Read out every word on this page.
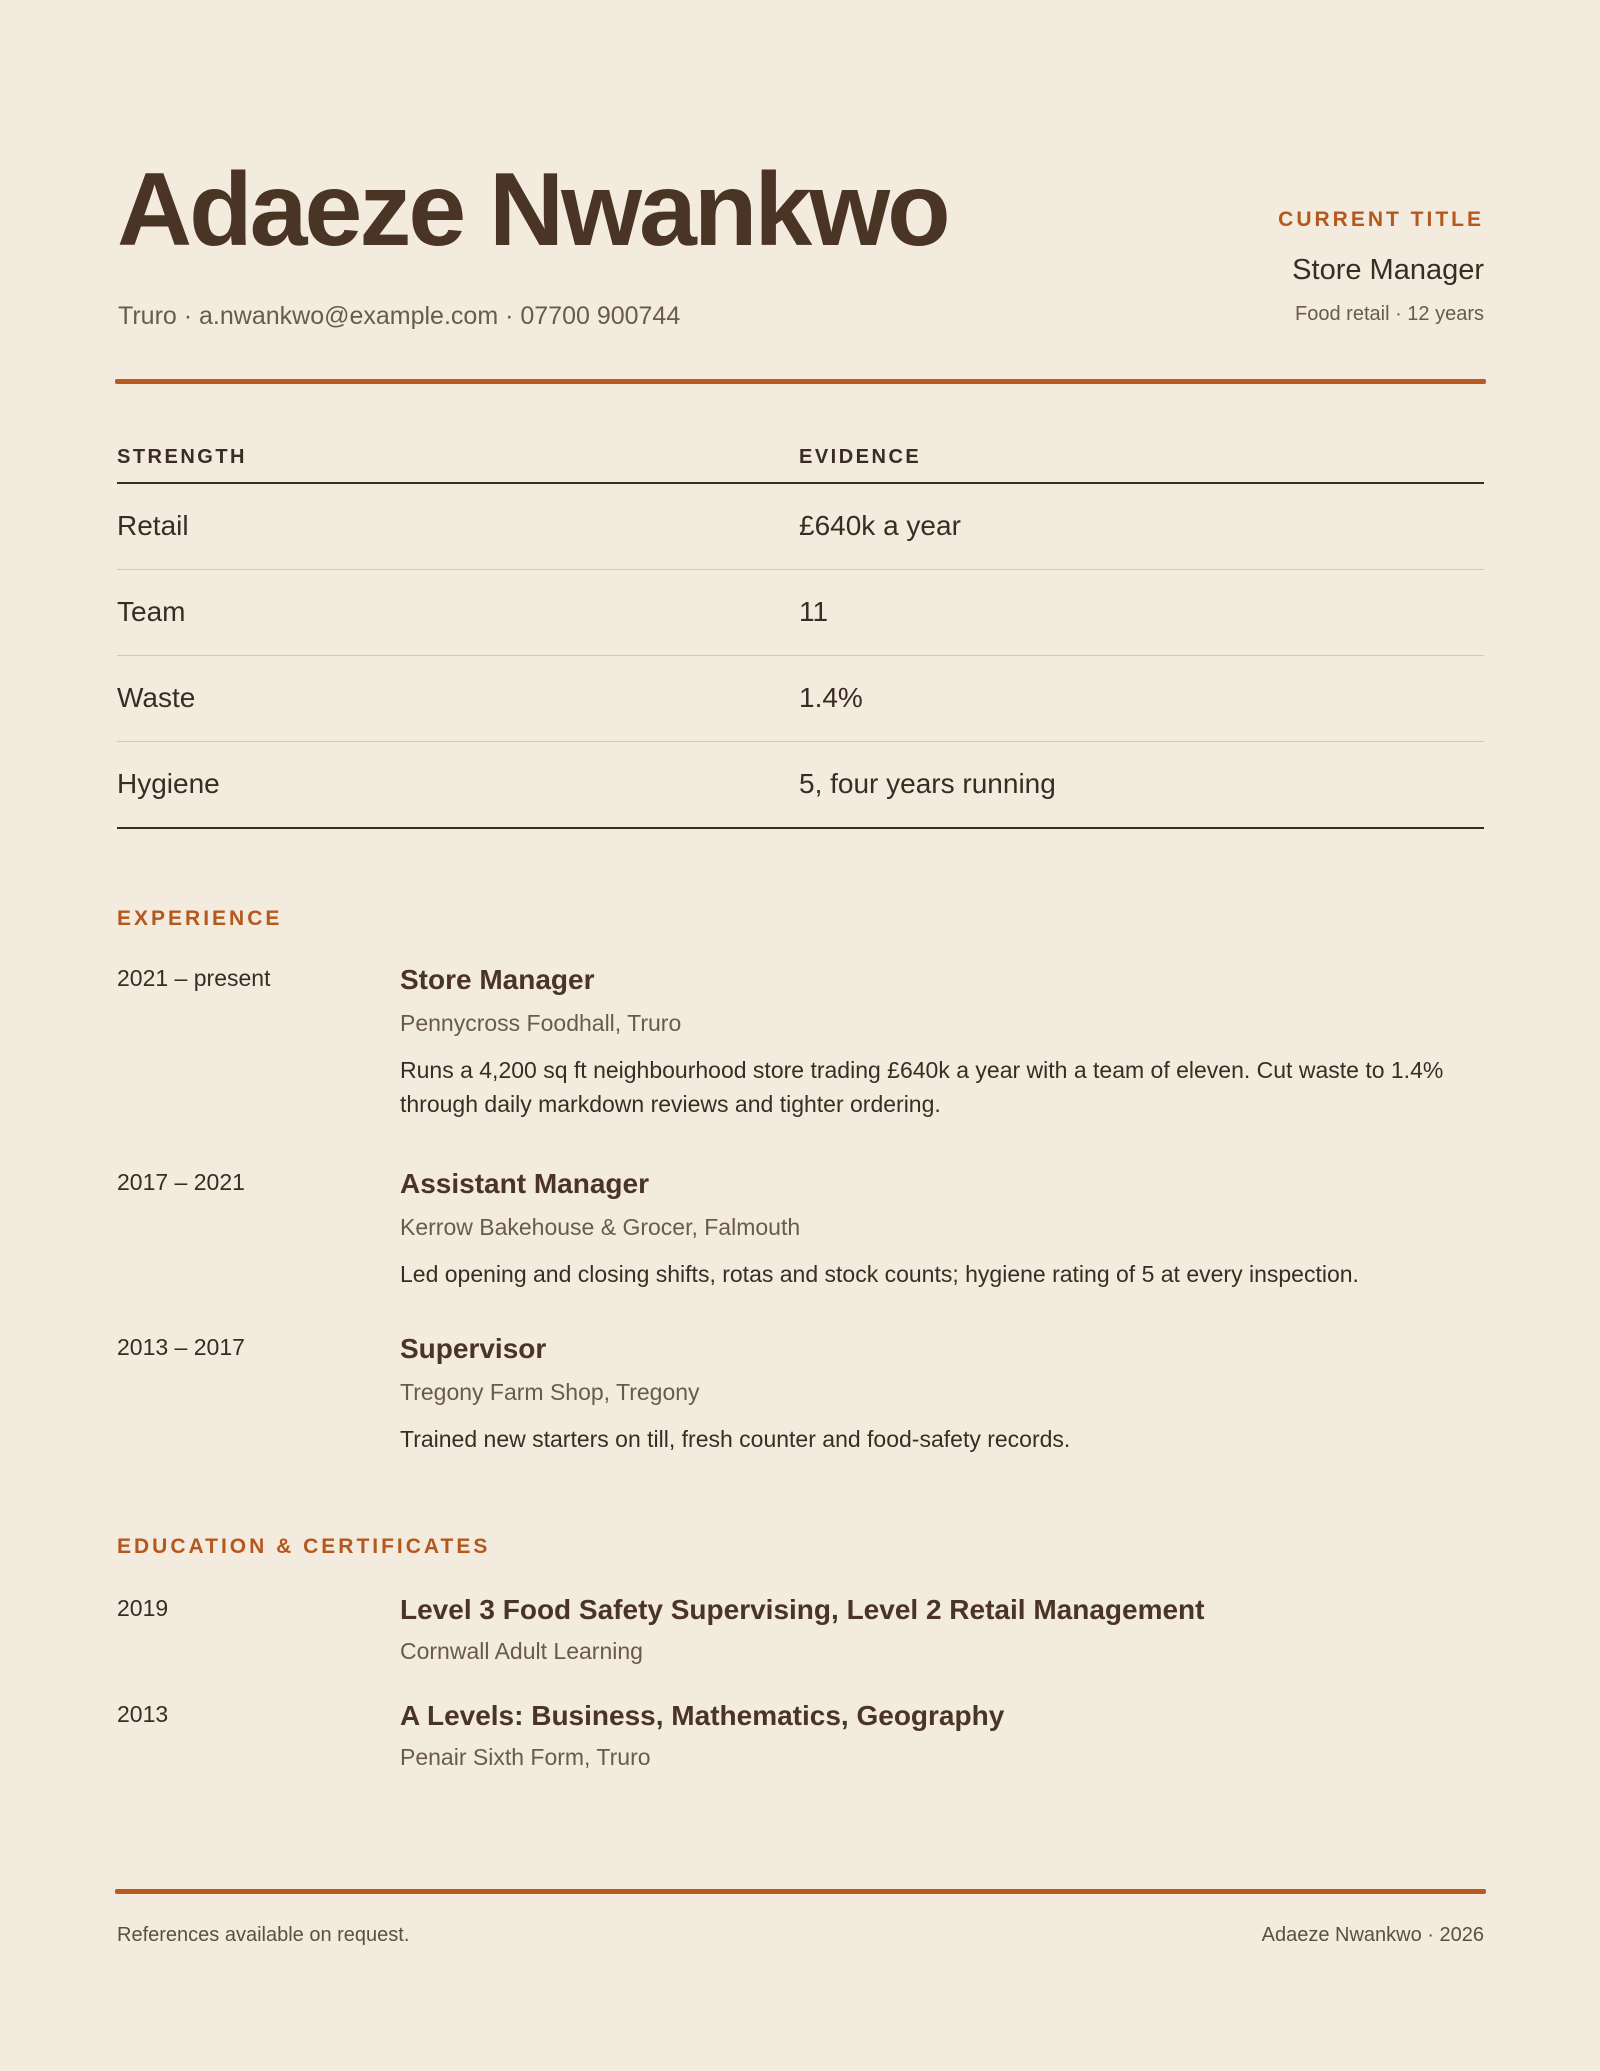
Adaeze Nwankwo
Truro · a.nwankwo@example.com · 07700 900744
CURRENT TITLE
Store Manager
Food retail · 12 years
STRENGTH	EVIDENCE
Retail	£640k a year
Team	11
Waste	1.4%
Hygiene	5, four years running
EXPERIENCE
2021 – present	Store Manager
Pennycross Foodhall, Truro
Runs a 4,200 sq ft neighbourhood store trading £640k a year with a team of eleven. Cut waste to 1.4% through daily markdown reviews and tighter ordering.
2017 – 2021	Assistant Manager
Kerrow Bakehouse & Grocer, Falmouth
Led opening and closing shifts, rotas and stock counts; hygiene rating of 5 at every inspection.
2013 – 2017	Supervisor
Tregony Farm Shop, Tregony
Trained new starters on till, fresh counter and food-safety records.
EDUCATION & CERTIFICATES
2019	Level 3 Food Safety Supervising, Level 2 Retail Management
Cornwall Adult Learning
2013	A Levels: Business, Mathematics, Geography
Penair Sixth Form, Truro
References available on request.	Adaeze Nwankwo · 2026
